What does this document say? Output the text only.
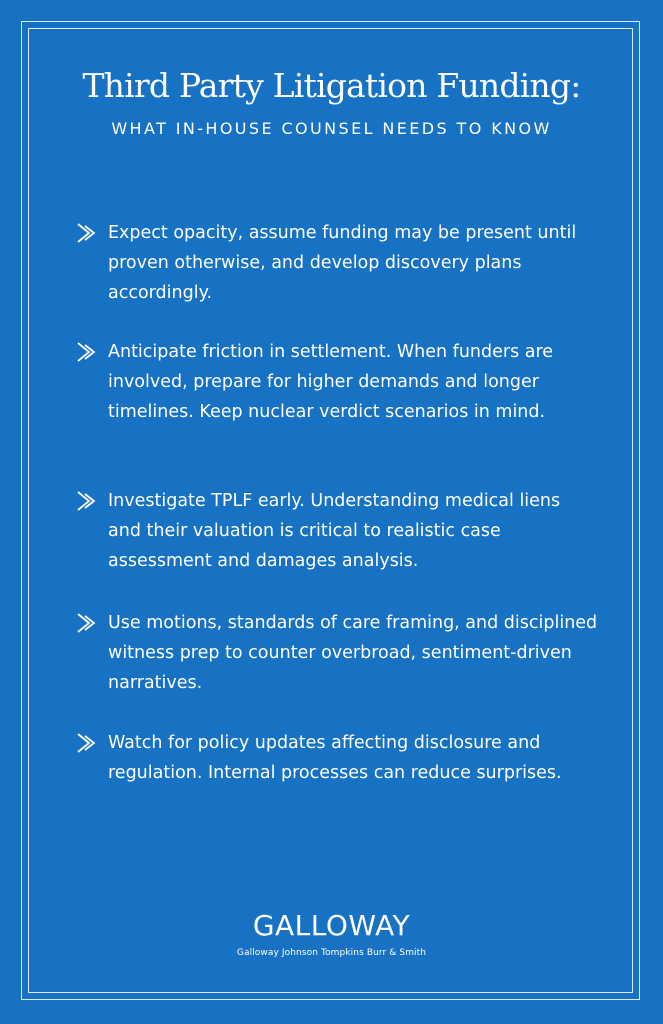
Third Party Litigation Funding:
WHAT IN-HOUSE COUNSEL NEEDS TO KNOW
Expect opacity, assume funding may be present until proven otherwise, and develop discovery plans accordingly.
Anticipate friction in settlement. When funders are involved, prepare for higher demands and longer timelines. Keep nuclear verdict scenarios in mind.
Investigate TPLF early. Understanding medical liens and their valuation is critical to realistic case assessment and damages analysis.
Use motions, standards of care framing, and disciplined witness prep to counter overbroad, sentiment-driven narratives.
Watch for policy updates affecting disclosure and regulation. Internal processes can reduce surprises.
GALLOWAY
Galloway Johnson Tompkins Burr & Smith
